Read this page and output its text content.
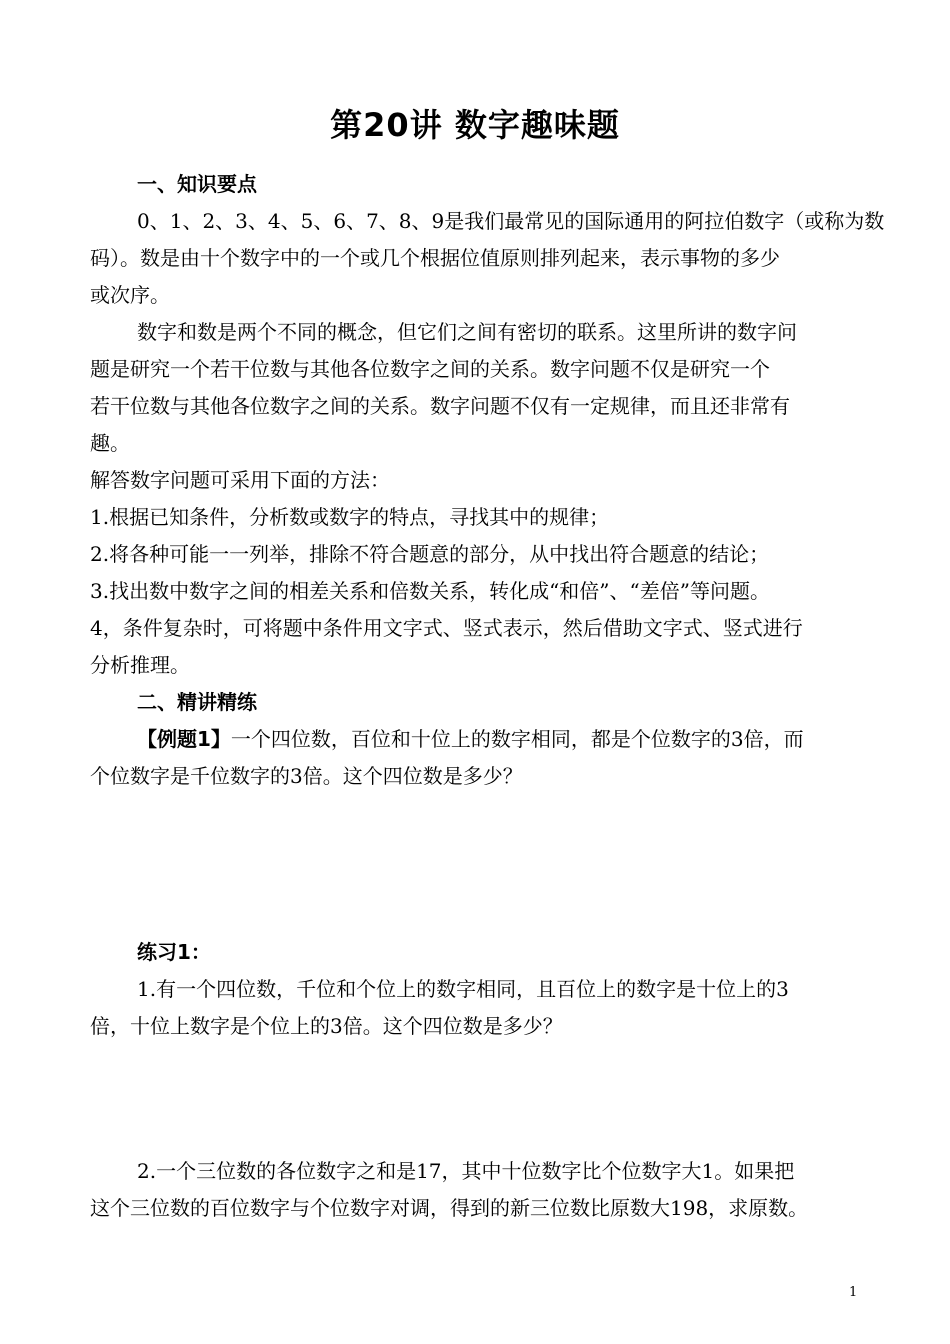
第20讲 数字趣味题
一、知识要点
0、1、2、3、4、5、6、7、8、9是我们最常见的国际通用的阿拉伯数字（或称为数
码）。数是由十个数字中的一个或几个根据位值原则排列起来，表示事物的多少
或次序。
数字和数是两个不同的概念，但它们之间有密切的联系。这里所讲的数字问
题是研究一个若干位数与其他各位数字之间的关系。数字问题不仅是研究一个
若干位数与其他各位数字之间的关系。数字问题不仅有一定规律，而且还非常有
趣。
解答数字问题可采用下面的方法：
1.根据已知条件，分析数或数字的特点，寻找其中的规律；
2.将各种可能一一列举，排除不符合题意的部分，从中找出符合题意的结论；
3.找出数中数字之间的相差关系和倍数关系，转化成“和倍”、“差倍”等问题。
4，条件复杂时，可将题中条件用文字式、竖式表示，然后借助文字式、竖式进行
分析推理。
二、精讲精练
【例题1】一个四位数，百位和十位上的数字相同，都是个位数字的3倍，而
个位数字是千位数字的3倍。这个四位数是多少？
练习1：
1.有一个四位数，千位和个位上的数字相同，且百位上的数字是十位上的3
倍，十位上数字是个位上的3倍。这个四位数是多少？
2.一个三位数的各位数字之和是17，其中十位数字比个位数字大1。如果把
这个三位数的百位数字与个位数字对调，得到的新三位数比原数大198，求原数。
1
